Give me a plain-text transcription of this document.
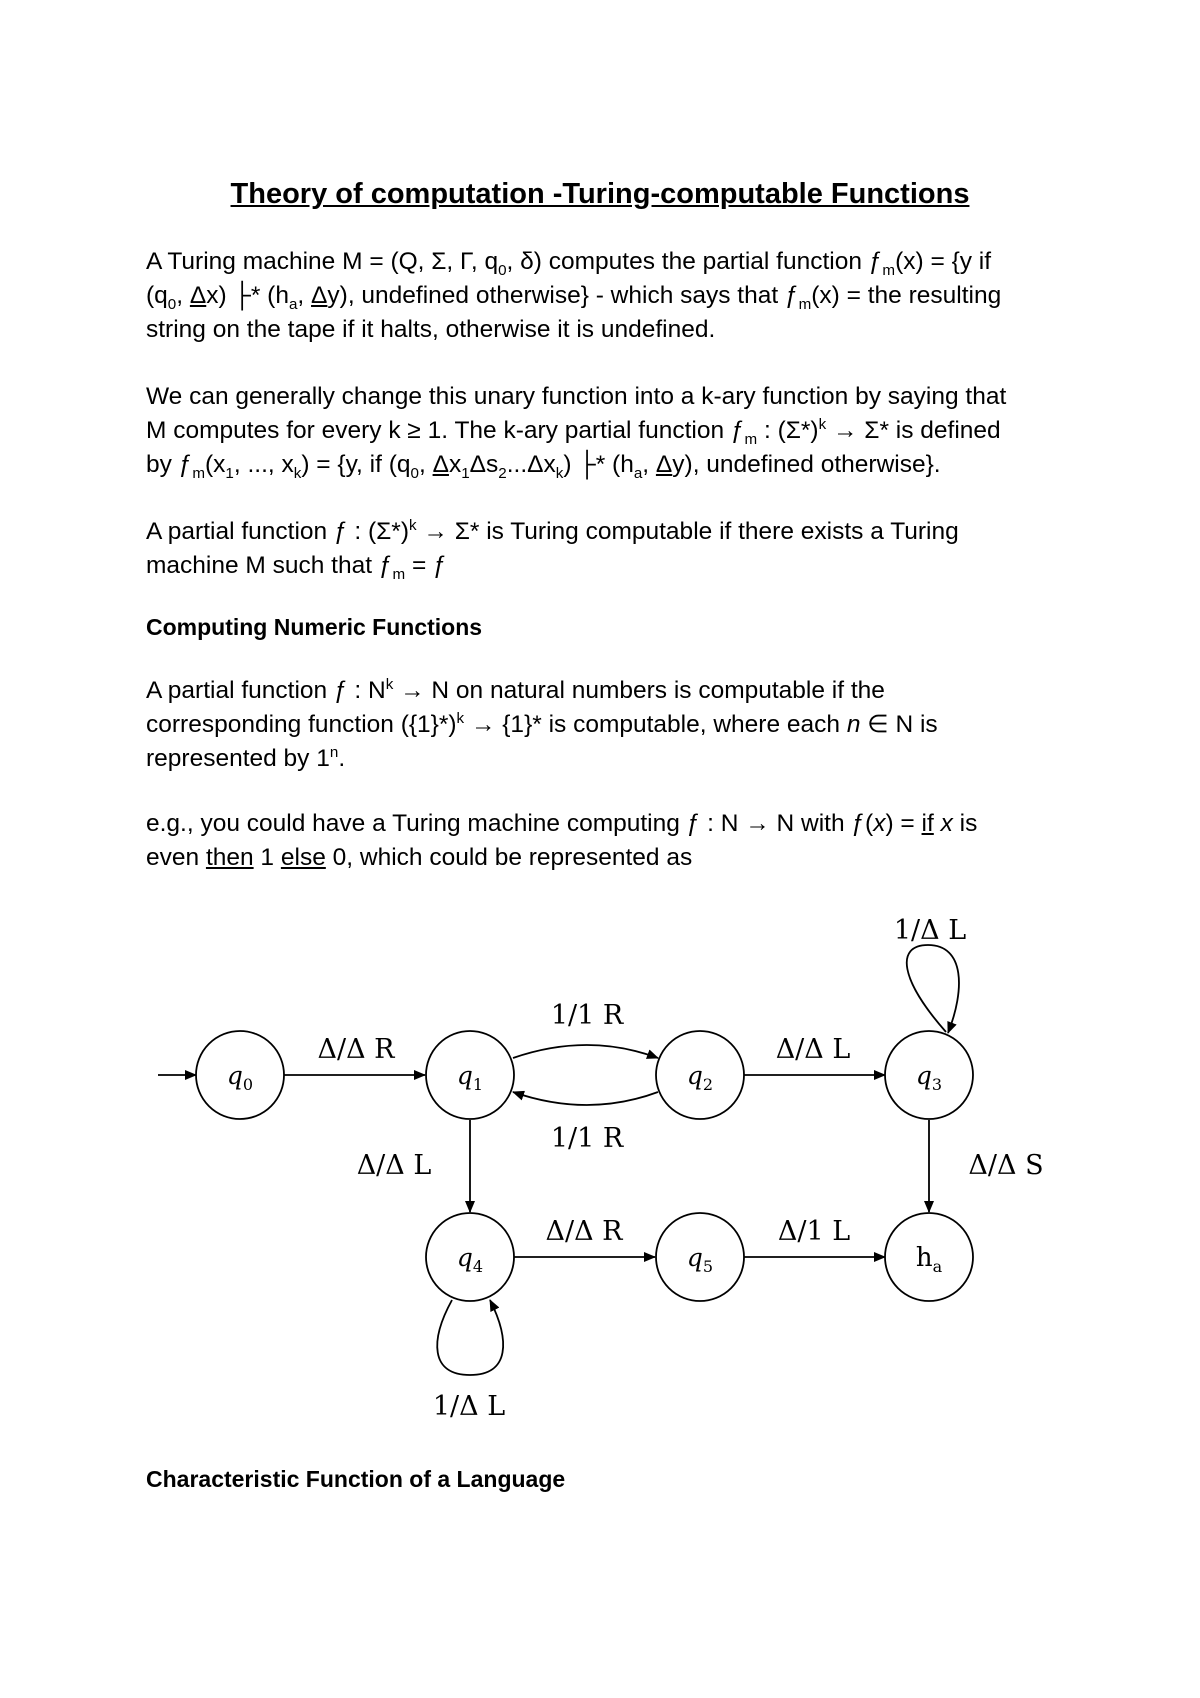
Theory of computation -Turing-computable Functions
A Turing machine M = (Q, Σ, Γ, $q_0$, δ) computes the partial function $ƒ_m(x) = \{y$ if
($q_0$, Δx) ├* ($h_a$, Δy), undefined otherwise} - which says that $ƒ_m(x)$ = the resulting
string on the tape if it halts, otherwise it is undefined.
We can generally change this unary function into a k-ary function by saying that
M computes for every k ≥ 1. The k-ary partial function $ƒ_m$ : $(\Sigma*)^k \to \Sigma*$ is defined
by $ƒ_m(x_1$, ..., $x_k) = \{y$, if ($q_0$, $\Delta x_1\Delta s_2...\Delta x_k$) ├* ($h_a$, Δy), undefined otherwise}.
A partial function ƒ : $(\Sigma*)^k \to \Sigma*$ is Turing computable if there exists a Turing
machine M such that $ƒ_m$ = ƒ
Computing Numeric Functions
A partial function ƒ : $N^k \to N$ on natural numbers is computable if the
corresponding function $(\{1\}*)^k \to \{1\}*$ is computable, where each n ∈ N is
represented by 1$^n$.
e.g., you could have a Turing machine computing ƒ : N → N with ƒ(x) = if x is
even then 1 else 0, which could be represented as
$q_0$	$q_1$	$q_2$	$q_3$
$q_4$	$q_5$	$h_a$
Δ/Δ R
1/1 R
1/1 R
Δ/Δ L
1/Δ L
Δ/Δ L	Δ/Δ S
Δ/Δ R	Δ/1 L
1/Δ L
Characteristic Function of a Language
